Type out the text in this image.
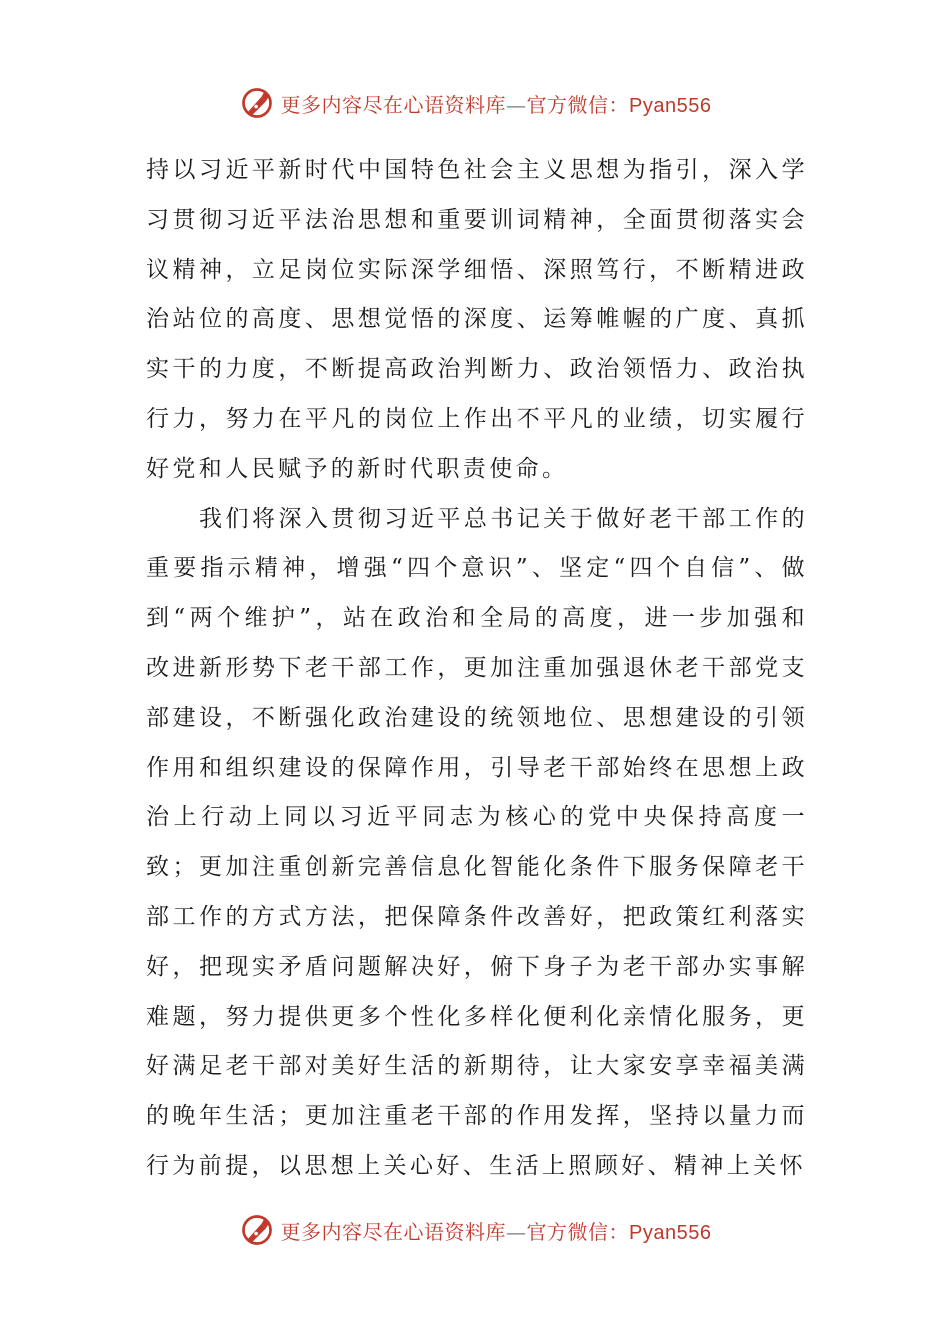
更多内容尽在心语资料库—官方微信：Pyan556

持以习近平新时代中国特色社会主义思想为指引，深入学习贯彻习近平法治思想和重要训词精神，全面贯彻落实会议精神，立足岗位实际深学细悟、深照笃行，不断精进政治站位的高度、思想觉悟的深度、运筹帷幄的广度、真抓实干的力度，不断提高政治判断力、政治领悟力、政治执行力，努力在平凡的岗位上作出不平凡的业绩，切实履行好党和人民赋予的新时代职责使命。

我们将深入贯彻习近平总书记关于做好老干部工作的重要指示精神，增强“四个意识”、坚定“四个自信”、做到“两个维护”，站在政治和全局的高度，进一步加强和改进新形势下老干部工作，更加注重加强退休老干部党支部建设，不断强化政治建设的统领地位、思想建设的引领作用和组织建设的保障作用，引导老干部始终在思想上政治上行动上同以习近平同志为核心的党中央保持高度一致；更加注重创新完善信息化智能化条件下服务保障老干部工作的方式方法，把保障条件改善好，把政策红利落实好，把现实矛盾问题解决好，俯下身子为老干部办实事解难题，努力提供更多个性化多样化便利化亲情化服务，更好满足老干部对美好生活的新期待，让大家安享幸福美满的晚年生活；更加注重老干部的作用发挥，坚持以量力而行为前提，以思想上关心好、生活上照顾好、精神上关怀

更多内容尽在心语资料库—官方微信：Pyan556
